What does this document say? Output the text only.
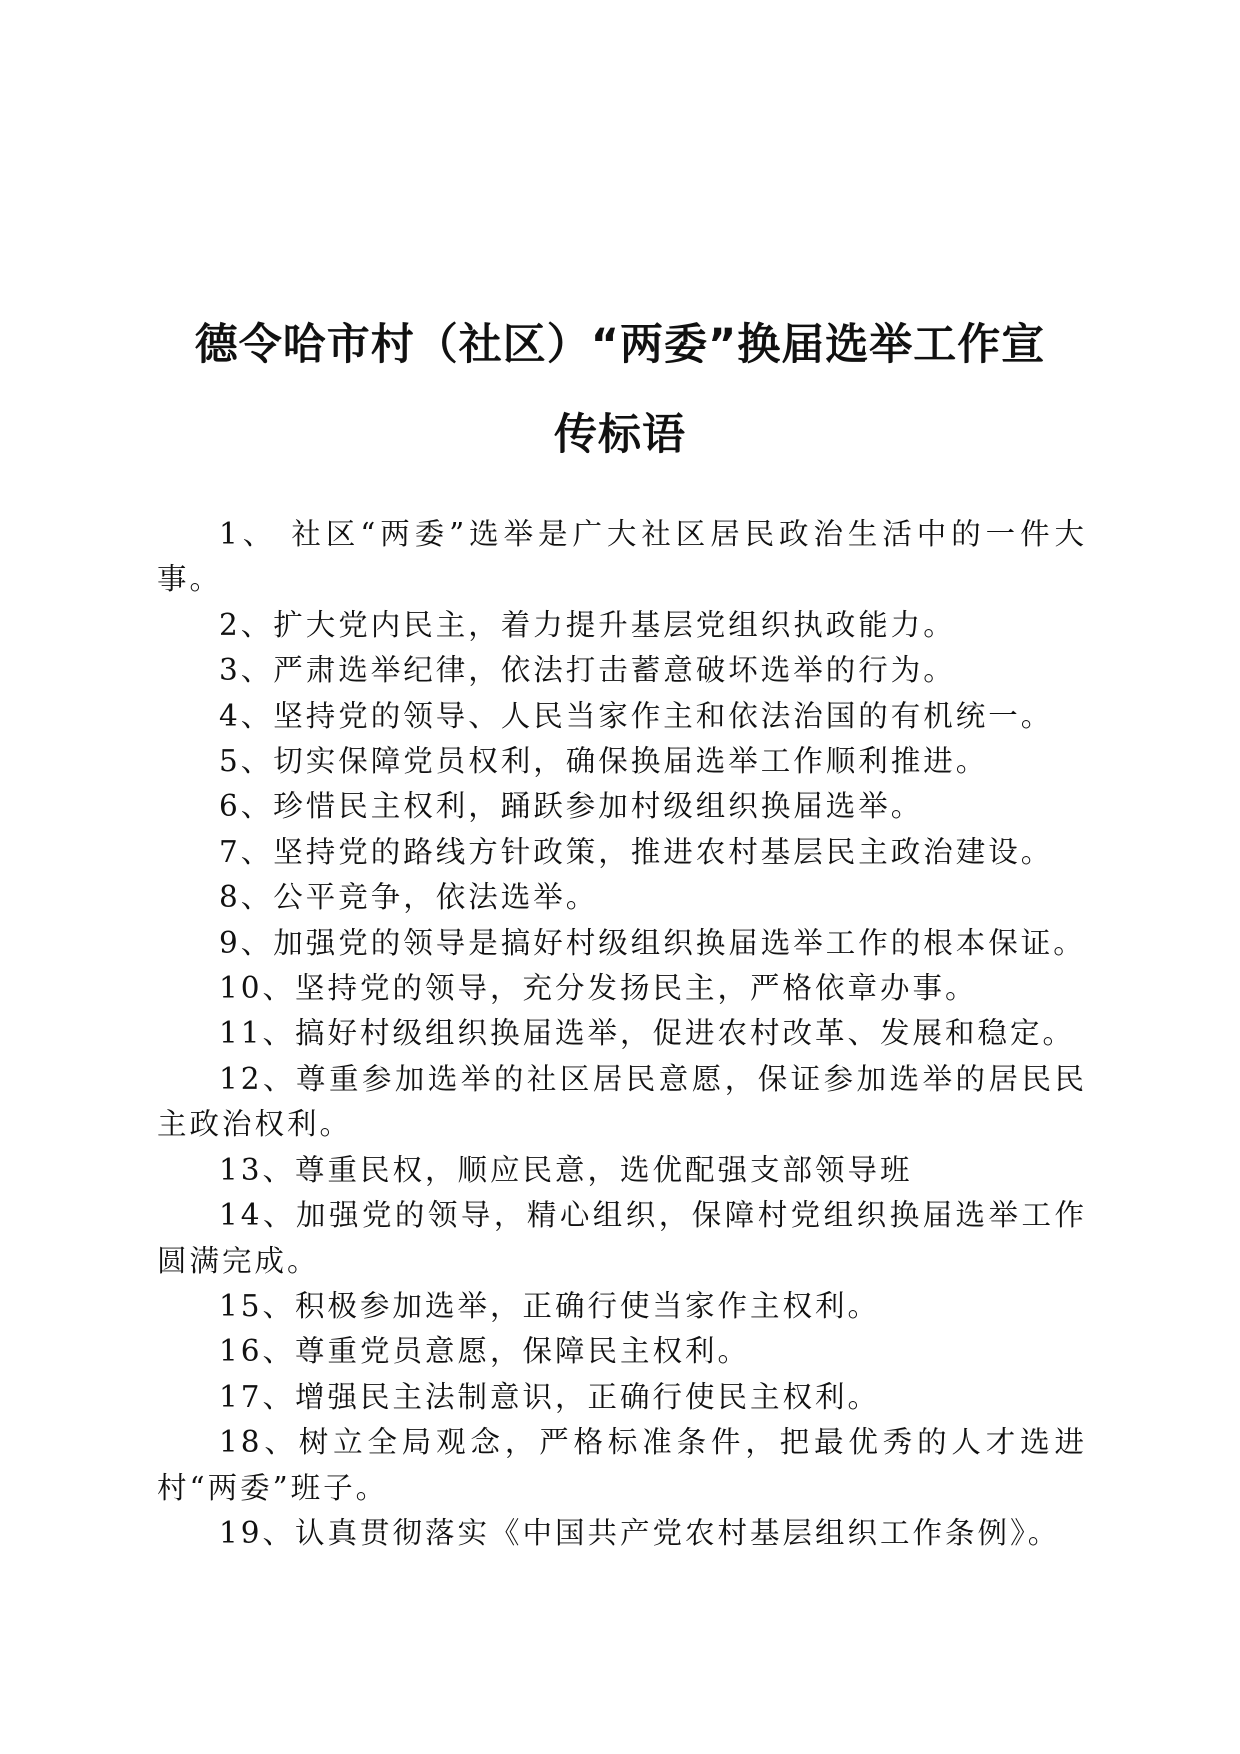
德令哈市村（社区）“两委”换届选举工作宣
传标语

1、 社区“两委”选举是广大社区居民政治生活中的一件大事。

2、扩大党内民主，着力提升基层党组织执政能力。

3、严肃选举纪律，依法打击蓄意破坏选举的行为。

4、坚持党的领导、人民当家作主和依法治国的有机统一。

5、切实保障党员权利，确保换届选举工作顺利推进。

6、珍惜民主权利，踊跃参加村级组织换届选举。

7、坚持党的路线方针政策，推进农村基层民主政治建设。

8、公平竞争，依法选举。

9、加强党的领导是搞好村级组织换届选举工作的根本保证。

10、坚持党的领导，充分发扬民主，严格依章办事。

11、搞好村级组织换届选举，促进农村改革、发展和稳定。

12、尊重参加选举的社区居民意愿，保证参加选举的居民民主政治权利。

13、尊重民权，顺应民意，选优配强支部领导班

14、加强党的领导，精心组织，保障村党组织换届选举工作圆满完成。

15、积极参加选举，正确行使当家作主权利。

16、尊重党员意愿，保障民主权利。

17、增强民主法制意识，正确行使民主权利。

18、树立全局观念，严格标准条件，把最优秀的人才选进村“两委”班子。

19、认真贯彻落实《中国共产党农村基层组织工作条例》。
